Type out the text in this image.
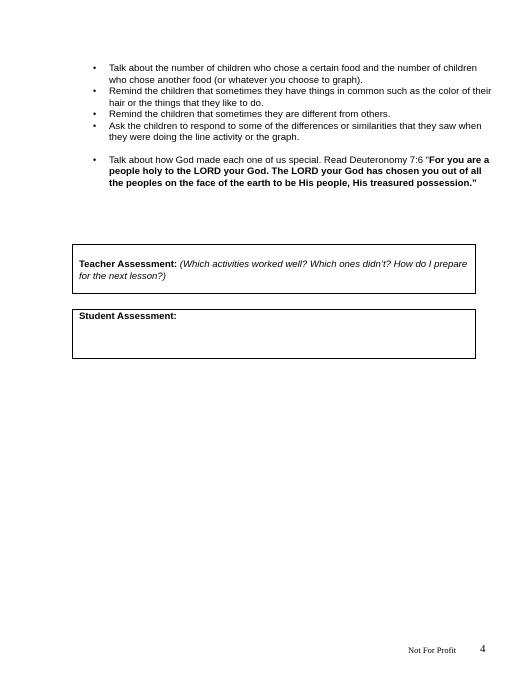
• Talk about the number of children who chose a certain food and the number of children who chose another food (or whatever you choose to graph).
• Remind the children that sometimes they have things in common such as the color of their hair or the things that they like to do.
• Remind the children that sometimes they are different from others.
• Ask the children to respond to some of the differences or similarities that they saw when they were doing the line activity or the graph.
• Talk about how God made each one of us special. Read Deuteronomy 7:6 “For you are a people holy to the LORD your God. The LORD your God has chosen you out of all the peoples on the face of the earth to be His people, His treasured possession.”
Teacher Assessment: (Which activities worked well? Which ones didn’t? How do I prepare for the next lesson?)
Student Assessment:
Not For Profit 4
